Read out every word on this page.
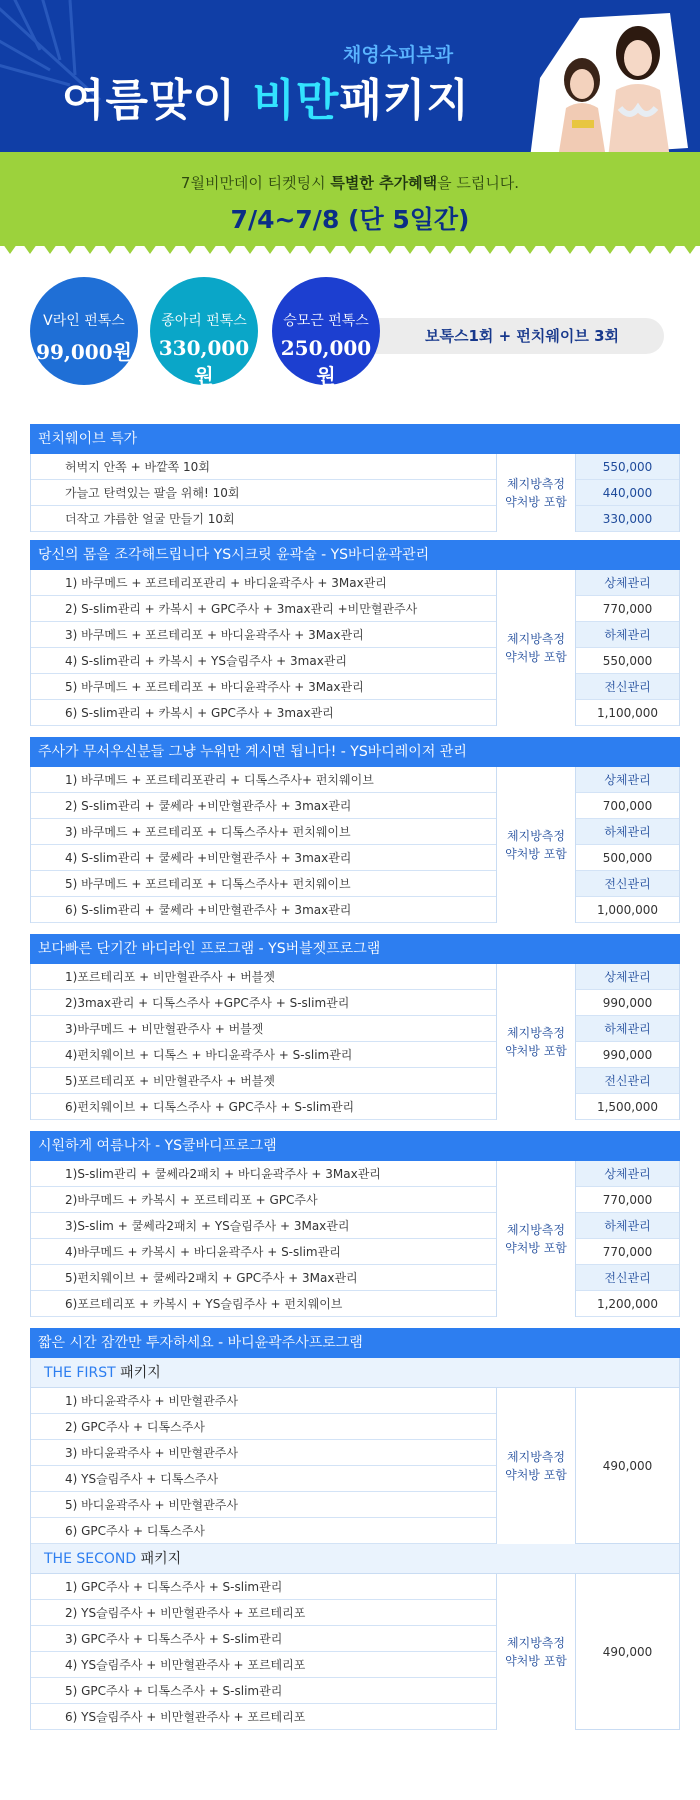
채영수피부과
여름맞이 비만패키지
7월비만데이 티켓팅시 특별한 추가혜택을 드립니다.
7/4~7/8 (단 5일간)
V라인 펀톡스
99,000원
종아리 펀톡스
330,000원
보톡스1회 + 펀치웨이브 3회
승모근 펀톡스
250,000원
펀치웨이브 특가
허벅지 안쪽 + 바깥쪽 10회
가늘고 탄력있는 팔을 위해! 10회
더작고 갸름한 얼굴 만들기 10회
체지방측정
약처방 포함
550,000
440,000
330,000
당신의 몸을 조각해드립니다 YS시크릿 윤곽술 - YS바디윤곽관리
1) 바쿠메드 + 포르테리포관리 + 바디윤곽주사 + 3Max관리
2) S-slim관리 + 카복시 + GPC주사 + 3max관리 +비만혈관주사
3) 바쿠메드 + 포르테리포 + 바디윤곽주사 + 3Max관리
4) S-slim관리 + 카복시 + YS슬림주사 + 3max관리
5) 바쿠메드 + 포르테리포 + 바디윤곽주사 + 3Max관리
6) S-slim관리 + 카복시 + GPC주사 + 3max관리
체지방측정
약처방 포함
상체관리
770,000
하체관리
550,000
전신관리
1,100,000
주사가 무서우신분들 그냥 누워만 계시면 됩니다! - YS바디레이저 관리
1) 바쿠메드 + 포르테리포관리 + 디톡스주사+ 펀치웨이브
2) S-slim관리 + 쿨쎄라 +비만혈관주사 + 3max관리
3) 바쿠메드 + 포르테리포 + 디톡스주사+ 펀치웨이브
4) S-slim관리 + 쿨쎄라 +비만혈관주사 + 3max관리
5) 바쿠메드 + 포르테리포 + 디톡스주사+ 펀치웨이브
6) S-slim관리 + 쿨쎄라 +비만혈관주사 + 3max관리
체지방측정
약처방 포함
상체관리
700,000
하체관리
500,000
전신관리
1,000,000
보다빠른 단기간 바디라인 프로그램 - YS버블젯프로그램
1)포르테리포 + 비만혈관주사 + 버블젯
2)3max관리 + 디톡스주사 +GPC주사 + S-slim관리
3)바쿠메드 + 비만혈관주사 + 버블젯
4)펀치웨이브 + 디톡스 + 바디윤곽주사 + S-slim관리
5)포르테리포 + 비만혈관주사 + 버블젯
6)펀치웨이브 + 디톡스주사 + GPC주사 + S-slim관리
체지방측정
약처방 포함
상체관리
990,000
하체관리
990,000
전신관리
1,500,000
시원하게 여름나자 - YS쿨바디프로그램
1)S-slim관리 + 쿨쎄라2패치 + 바디윤곽주사 + 3Max관리
2)바쿠메드 + 카복시 + 포르테리포 + GPC주사
3)S-slim + 쿨쎄라2패치 + YS슬림주사 + 3Max관리
4)바쿠메드 + 카복시 + 바디윤곽주사 + S-slim관리
5)펀치웨이브 + 쿨쎄라2패치 + GPC주사 + 3Max관리
6)포르테리포 + 카복시 + YS슬림주사 + 펀치웨이브
체지방측정
약처방 포함
상체관리
770,000
하체관리
770,000
전신관리
1,200,000
짧은 시간 잠깐만 투자하세요 - 바디윤곽주사프로그램
THE FIRST 패키지
1) 바디윤곽주사 + 비만혈관주사
2) GPC주사 + 디톡스주사
3) 바디윤곽주사 + 비만혈관주사
4) YS슬림주사 + 디톡스주사
5) 바디윤곽주사 + 비만혈관주사
6) GPC주사 + 디톡스주사
체지방측정
약처방 포함
490,000
THE SECOND 패키지
1) GPC주사 + 디톡스주사 + S-slim관리
2) YS슬림주사 + 비만혈관주사 + 포르테리포
3) GPC주사 + 디톡스주사 + S-slim관리
4) YS슬림주사 + 비만혈관주사 + 포르테리포
5) GPC주사 + 디톡스주사 + S-slim관리
6) YS슬림주사 + 비만혈관주사 + 포르테리포
체지방측정
약처방 포함
490,000
